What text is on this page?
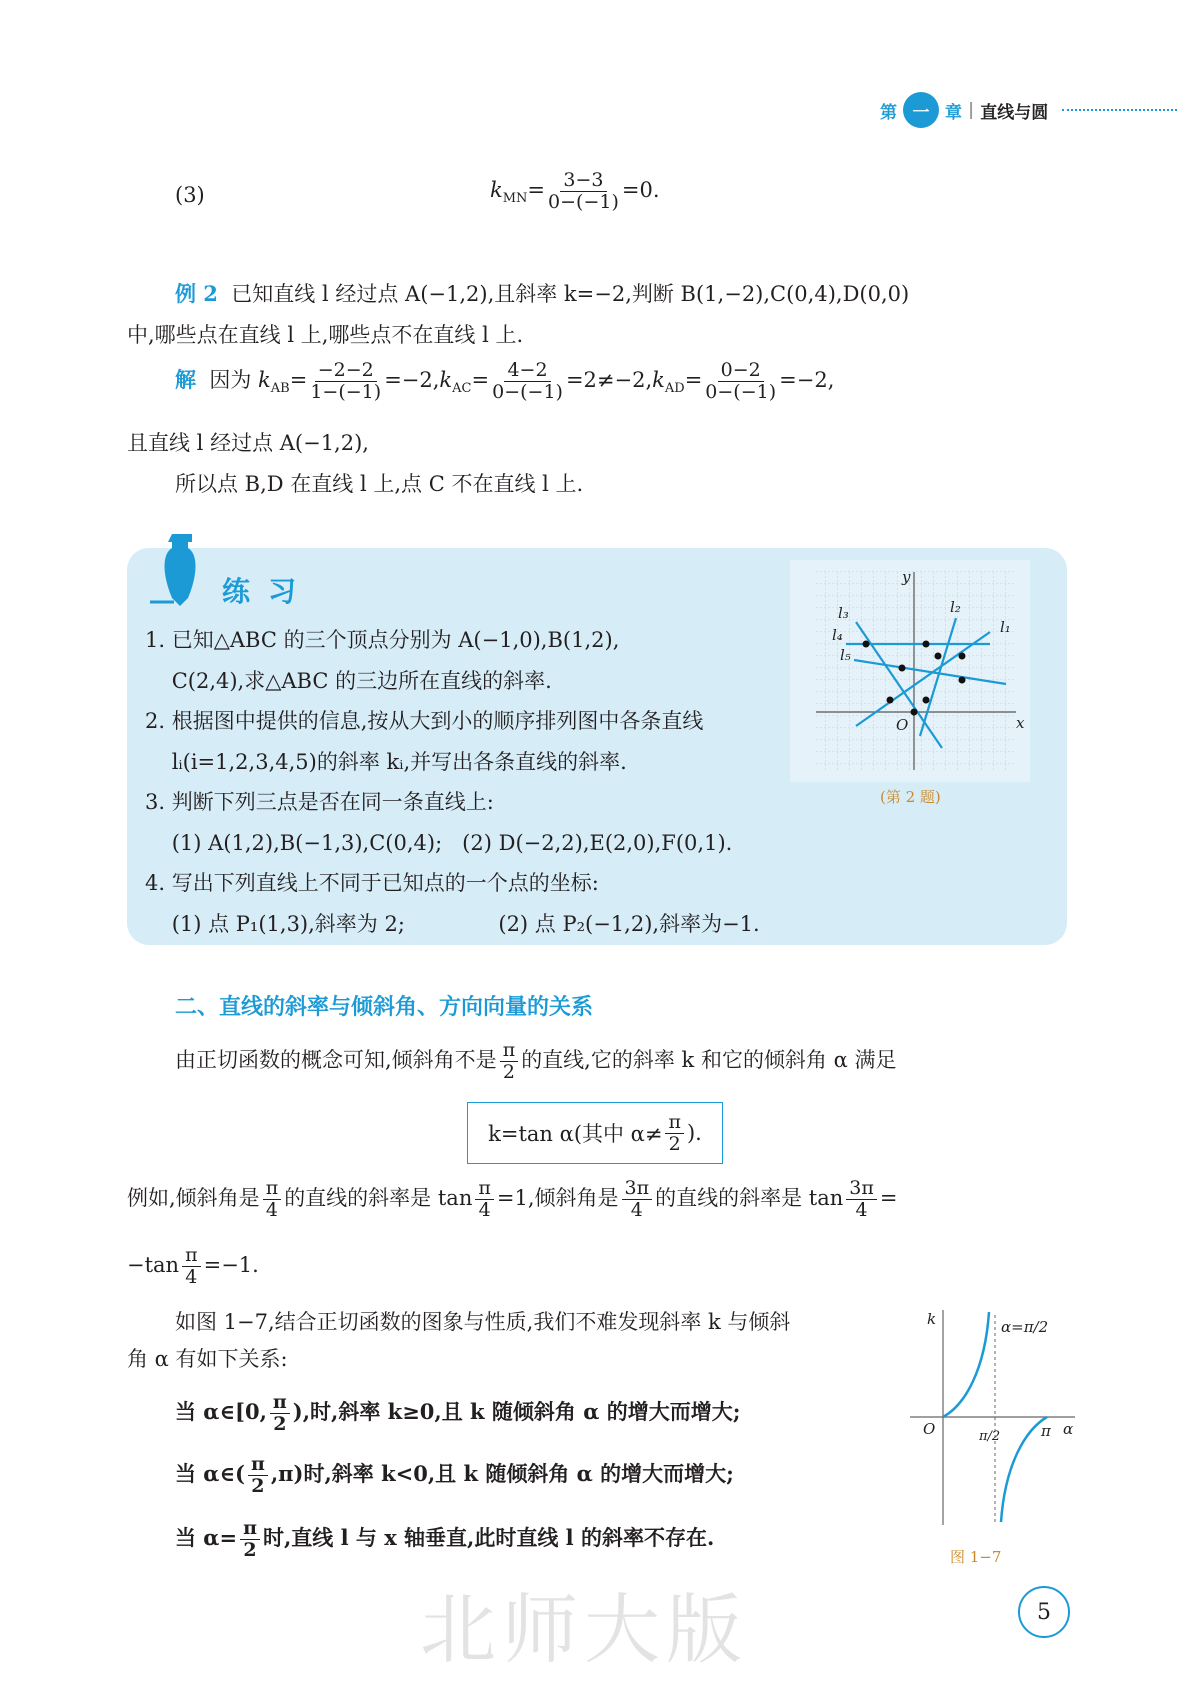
第 一 章 | 直线与圆
(3)	$k_{MN}= \frac{3-3}{0-(-1)} =0$.
例 2 已知直线 l 经过点 A(−1,2),且斜率 k=−2,判断 B(1,−2),C(0,4),D(0,0)
中,哪些点在直线 l 上,哪些点不在直线 l 上.
解 因为 $k_{AB}= \frac{-2-2}{1-(-1)} =-2,k_{AC}= \frac{4-2}{0-(-1)} =2\ne-2,k_{AD}= \frac{0-2}{0-(-1)} =-2$,
且直线 l 经过点 A(−1,2),
所以点 B,D 在直线 l 上,点 C 不在直线 l 上.
练习
1. 已知△ABC 的三个顶点分别为 A(−1,0),B(1,2),
C(2,4),求△ABC 的三边所在直线的斜率.
2. 根据图中提供的信息,按从大到小的顺序排列图中各条直线
lᵢ(i=1,2,3,4,5)的斜率 kᵢ,并写出各条直线的斜率.
3. 判断下列三点是否在同一条直线上:
(1) A(1,2),B(−1,3),C(0,4);   (2) D(−2,2),E(2,0),F(0,1).
4. 写出下列直线上不同于已知点的一个点的坐标:
(1) 点 P₁(1,3),斜率为 2;              (2) 点 P₂(−1,2),斜率为−1.
y
x
O
l₁
l₂
l₃
l₄
l₅
(第 2 题)
二、直线的斜率与倾斜角、方向向量的关系
由正切函数的概念可知,倾斜角不是 $\frac{\pi}{2}$ 的直线,它的斜率 k 和它的倾斜角 α 满足
k=tan α(其中 $\alpha\ne \frac{\pi}{2}$ ).
例如,倾斜角是 $\frac{\pi}{4}$ 的直线的斜率是 $\tan \frac{\pi}{4} =1$,倾斜角是 $\frac{3\pi}{4}$ 的直线的斜率是 $\tan \frac{3\pi}{4}$ =
$-\tan \frac{\pi}{4} =-1$.
如图 1−7,结合正切函数的图象与性质,我们不难发现斜率 k 与倾斜
角 α 有如下关系:
当 α∈[0, $\frac{\pi}{2}$ ),时,斜率 k≥0,且 k 随倾斜角 α 的增大而增大;
当 α∈( $\frac{\pi}{2} ,\pi$)时,斜率 k<0,且 k 随倾斜角 α 的增大而增大;
当 $\alpha= \frac{\pi}{2}$ 时,直线 l 与 x 轴垂直,此时直线 l 的斜率不存在.
k
α
O	π
α=π/2
π/2
图 1−7
北师大版	5
